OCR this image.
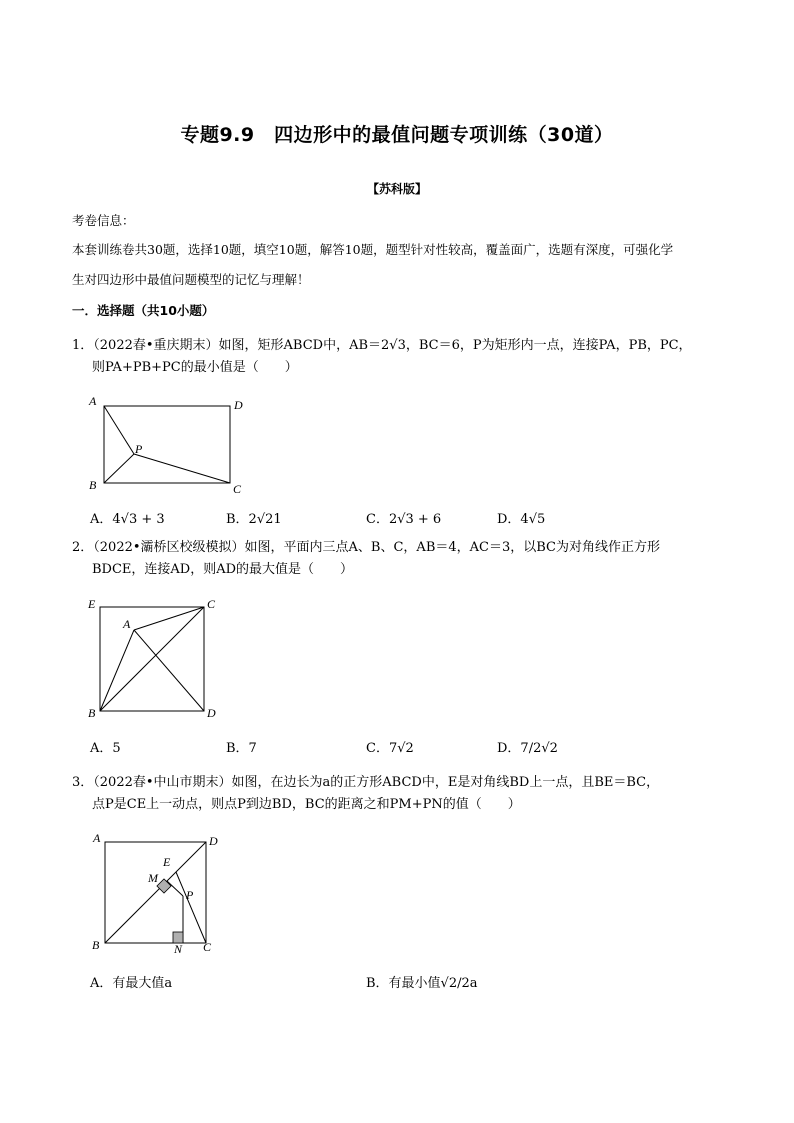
专题9.9　四边形中的最值问题专项训练（30道）
【苏科版】
考卷信息：
本套训练卷共30题，选择10题，填空10题，解答10题，题型针对性较高，覆盖面广，选题有深度，可强化学
生对四边形中最值问题模型的记忆与理解！
一．选择题（共10小题）
1．（2022春•重庆期末）如图，矩形ABCD中，AB＝2√3，BC＝6，P为矩形内一点，连接PA，PB，PC，
则PA+PB+PC的最小值是（　　）
A	D
P
B	C
A．4√3 + 3	B．2√21	C．2√3 + 6	D．4√5
2．（2022•灞桥区校级模拟）如图，平面内三点A、B、C，AB＝4，AC＝3，以BC为对角线作正方形
BDCE，连接AD，则AD的最大值是（　　）
E	C
A
B	D
A．5	B．7	C．7√2	D．7/2√2
3．（2022春•中山市期末）如图，在边长为a的正方形ABCD中，E是对角线BD上一点，且BE＝BC，
点P是CE上一动点，则点P到边BD，BC的距离之和PM+PN的值（　　）
A	D
E
M
P
B	N C
A．有最大值a	B．有最小值√2/2a
